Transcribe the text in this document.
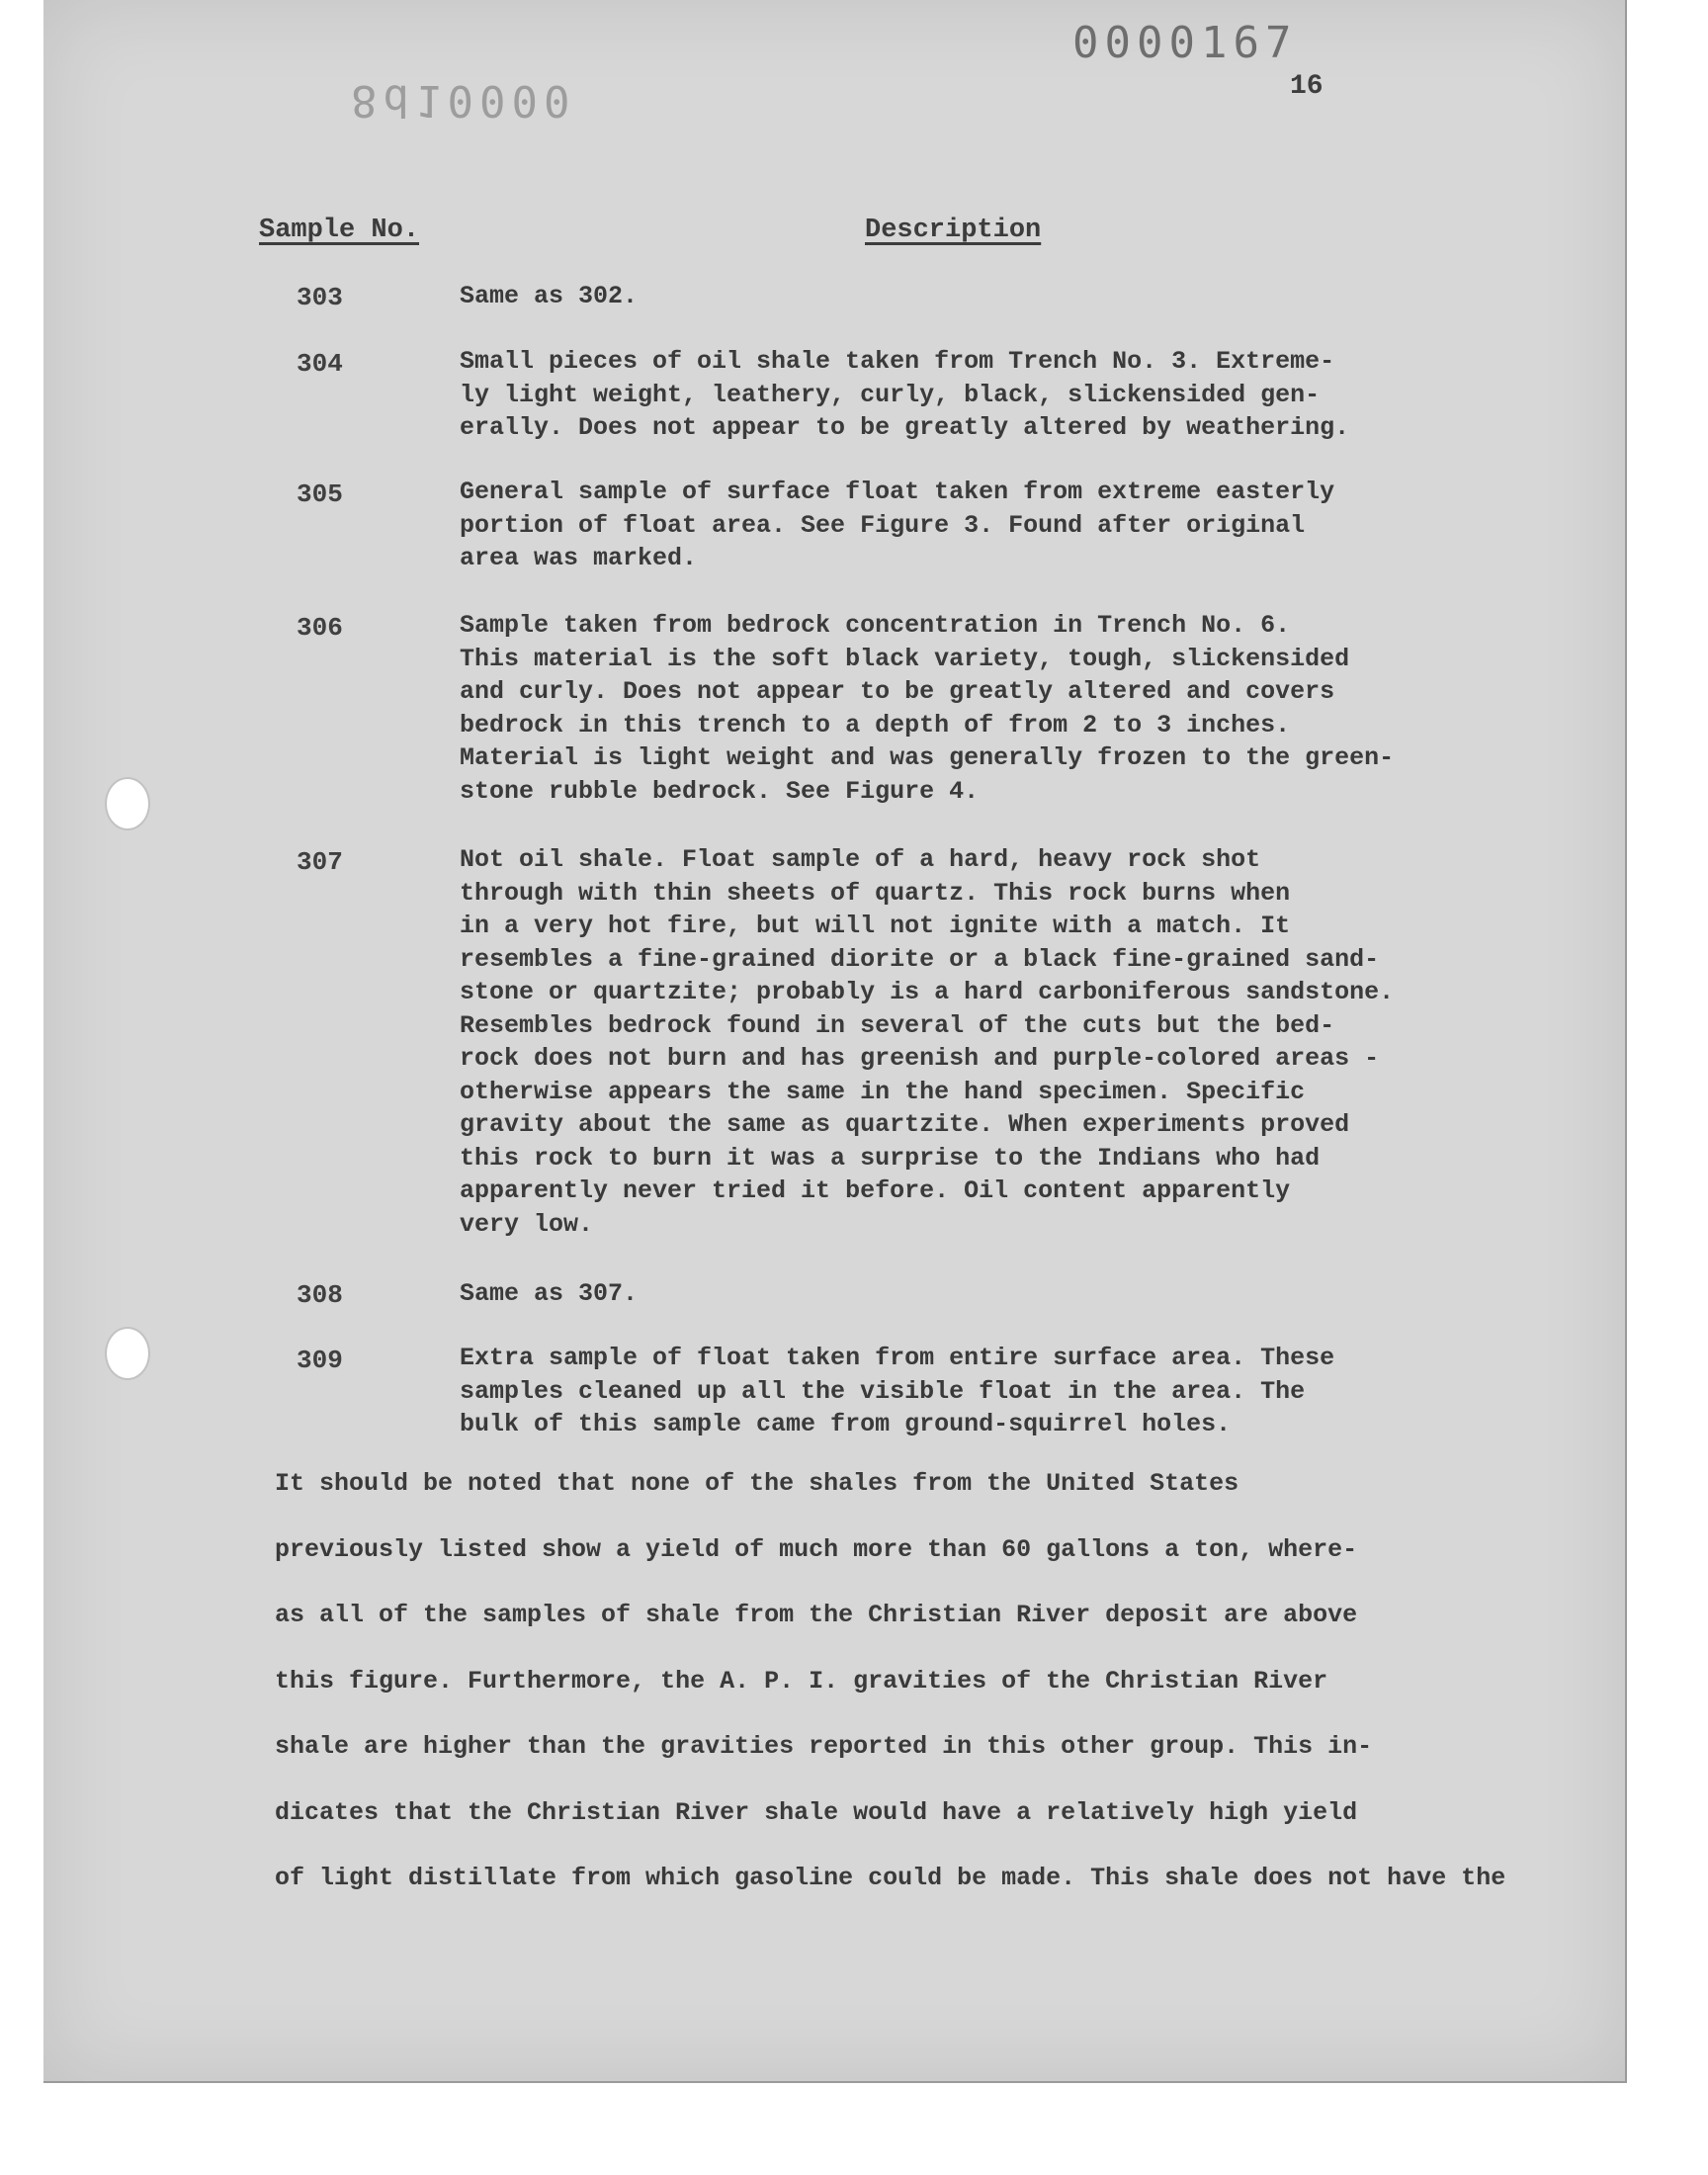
0000167
8d10000	16
Sample No.	Description
303	Same as 302.
304	Small pieces of oil shale taken from Trench No. 3. Extreme-
ly light weight, leathery, curly, black, slickensided gen-
erally. Does not appear to be greatly altered by weathering.
305	General sample of surface float taken from extreme easterly
portion of float area. See Figure 3. Found after original
area was marked.
306	Sample taken from bedrock concentration in Trench No. 6.
This material is the soft black variety, tough, slickensided
and curly. Does not appear to be greatly altered and covers
bedrock in this trench to a depth of from 2 to 3 inches.
Material is light weight and was generally frozen to the green-
stone rubble bedrock. See Figure 4.
307	Not oil shale. Float sample of a hard, heavy rock shot
through with thin sheets of quartz. This rock burns when
in a very hot fire, but will not ignite with a match. It
resembles a fine-grained diorite or a black fine-grained sand-
stone or quartzite; probably is a hard carboniferous sandstone.
Resembles bedrock found in several of the cuts but the bed-
rock does not burn and has greenish and purple-colored areas -
otherwise appears the same in the hand specimen. Specific
gravity about the same as quartzite. When experiments proved
this rock to burn it was a surprise to the Indians who had
apparently never tried it before. Oil content apparently
very low.
308	Same as 307.
309	Extra sample of float taken from entire surface area. These
samples cleaned up all the visible float in the area. The
bulk of this sample came from ground-squirrel holes.
It should be noted that none of the shales from the United States
previously listed show a yield of much more than 60 gallons a ton, where-
as all of the samples of shale from the Christian River deposit are above
this figure. Furthermore, the A. P. I. gravities of the Christian River
shale are higher than the gravities reported in this other group. This in-
dicates that the Christian River shale would have a relatively high yield
of light distillate from which gasoline could be made. This shale does not have the
